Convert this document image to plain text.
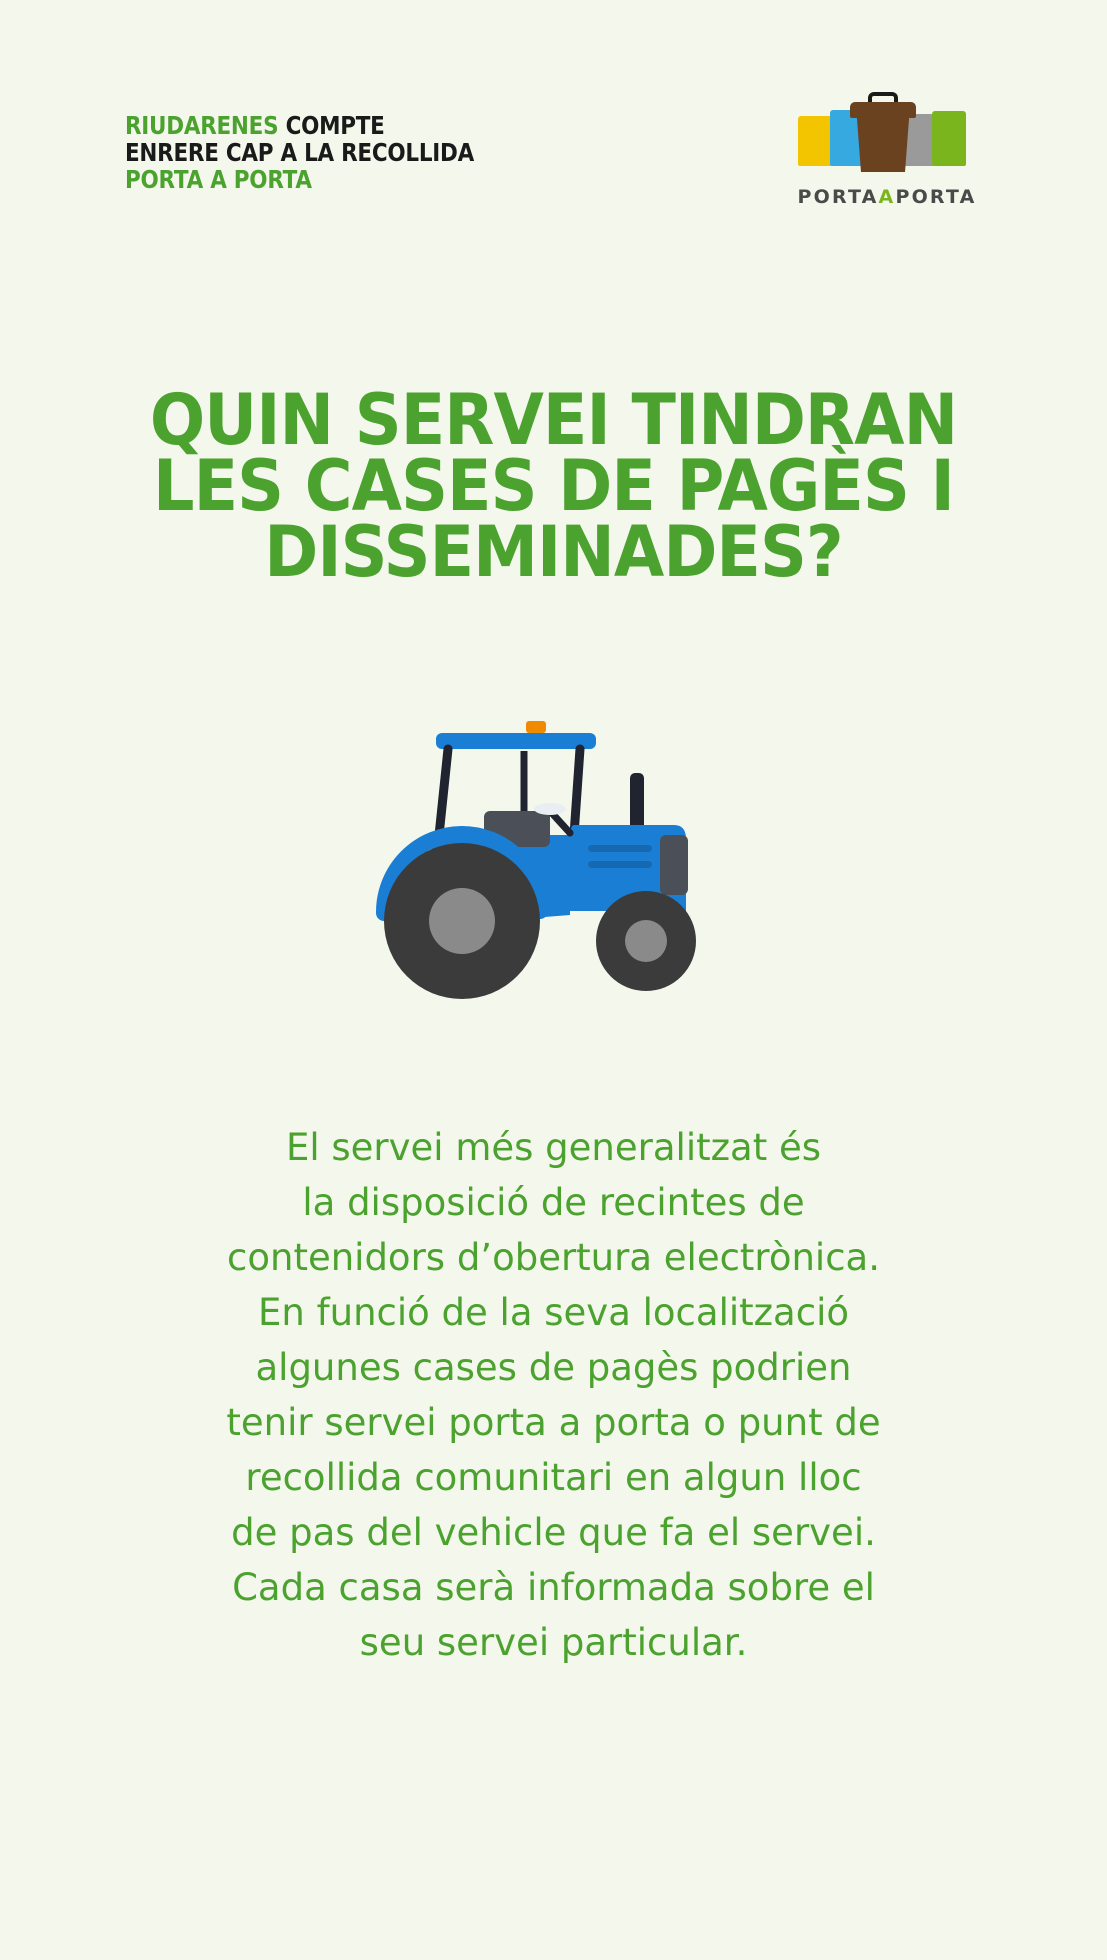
RIUDARENES COMPTE
ENRERE CAP A LA RECOLLIDA
PORTA A PORTA
PORTAAPORTA
QUIN SERVEI TINDRAN
LES CASES DE PAGÈS I
DISSEMINADES?
El servei més generalitzat és
la disposició de recintes de
contenidors d’obertura electrònica.
En funció de la seva localització
algunes cases de pagès podrien
tenir servei porta a porta o punt de
recollida comunitari en algun lloc
de pas del vehicle que fa el servei.
Cada casa serà informada sobre el
seu servei particular.
